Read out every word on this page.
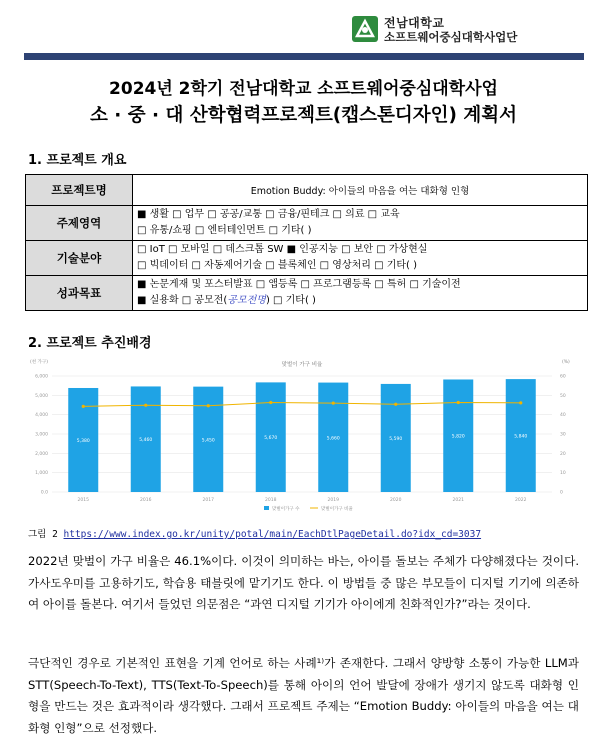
전남대학교
소프트웨어중심대학사업단
2024년 2학기 전남대학교 소프트웨어중심대학사업
소 · 중 · 대 산학협력프로젝트(캡스톤디자인) 계획서
1. 프로젝트 개요
프로젝트명	Emotion Buddy: 아이들의 마음을 여는 대화형 인형
주제영역	■ 생활 □ 업무 □ 공공/교통 □ 금융/핀테크 □ 의료 □ 교육
□ 유통/쇼핑 □ 엔터테인먼트 □ 기타( )

기술분야	□ IoT □ 모바일 □ 데스크톱 SW ■ 인공지능 □ 보안 □ 가상현실
□ 빅데이터 □ 자동제어기술 □ 블록체인 □ 영상처리 □ 기타( )

성과목표	■ 논문게재 및 포스터발표 □ 앱등록 □ 프로그램등록 □ 특허 □ 기술이전
■ 실용화 □ 공모전(공모전명) □ 기타( )
2. 프로젝트 추진배경
맞벌이 가구 비율
(천 가구)	(%)
0.0	0
1,000	10
2,000	20
3,000	30
4,000	40
5,000	50
6,000	60
5,380
2015
5,460
2016
5,450
2017
5,670
2018
5,660
2019
5,590
2020
5,820
2021
5,840
2022
맞벌이가구 수	맞벌이가구 비율
그림 2 https://www.index.go.kr/unity/potal/main/EachDtlPageDetail.do?idx_cd=3037
2022년 맞벌이 가구 비율은 46.1%이다. 이것이 의미하는 바는, 아이를 돌보는 주체가 다양해졌다는 것이다. 가사도우미를 고용하기도, 학습용 태블릿에 맡기기도 한다. 이 방법들 중 많은 부모들이 디지털 기기에 의존하여 아이를 돌본다. 여기서 들었던 의문점은 “과연 디지털 기기가 아이에게 친화적인가?”라는 것이다.
극단적인 경우로 기본적인 표현을 기계 언어로 하는 사례¹⁾가 존재한다. 그래서 양방향 소통이 가능한 LLM과 STT(Speech-To-Text), TTS(Text-To-Speech)를 통해 아이의 언어 발달에 장애가 생기지 않도록 대화형 인형을 만드는 것은 효과적이라 생각했다. 그래서 프로젝트 주제는 “Emotion Buddy: 아이들의 마음을 여는 대화형 인형”으로 선정했다.
